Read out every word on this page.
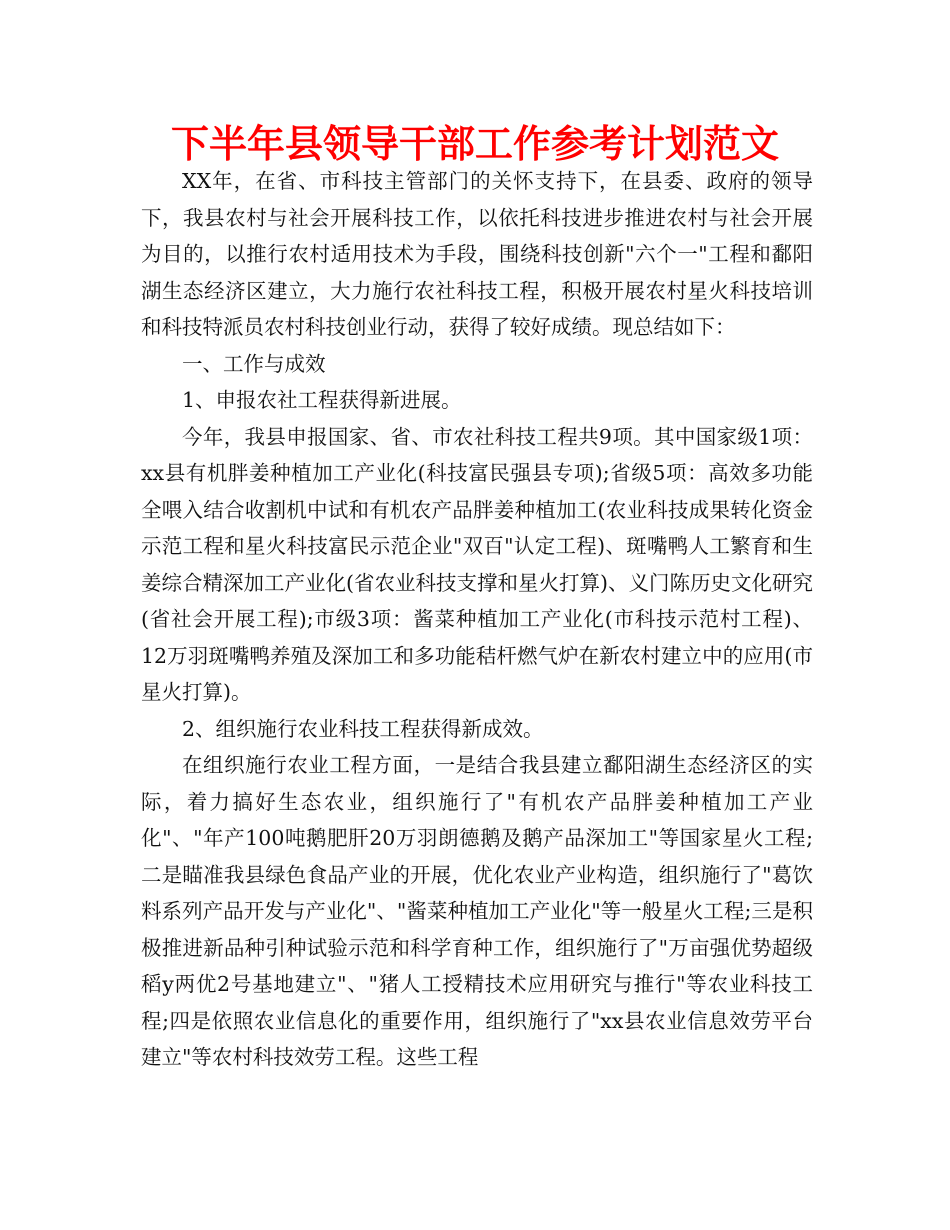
下半年县领导干部工作参考计划范文

XX年，在省、市科技主管部门的关怀支持下，在县委、政府的领导下，我县农村与社会开展科技工作，以依托科技进步推进农村与社会开展为目的，以推行农村适用技术为手段，围绕科技创新"六个一"工程和鄱阳湖生态经济区建立，大力施行农社科技工程，积极开展农村星火科技培训和科技特派员农村科技创业行动，获得了较好成绩。现总结如下：

一、工作与成效

1、申报农社工程获得新进展。

今年，我县申报国家、省、市农社科技工程共9项。其中国家级1项：xx县有机胖姜种植加工产业化(科技富民强县专项);省级5项：高效多功能全喂入结合收割机中试和有机农产品胖姜种植加工(农业科技成果转化资金示范工程和星火科技富民示范企业"双百"认定工程)、斑嘴鸭人工繁育和生姜综合精深加工产业化(省农业科技支撑和星火打算)、义门陈历史文化研究(省社会开展工程);市级3项：酱菜种植加工产业化(市科技示范村工程)、12万羽斑嘴鸭养殖及深加工和多功能秸杆燃气炉在新农村建立中的应用(市星火打算)。

2、组织施行农业科技工程获得新成效。

在组织施行农业工程方面，一是结合我县建立鄱阳湖生态经济区的实际，着力搞好生态农业，组织施行了"有机农产品胖姜种植加工产业化"、"年产100吨鹅肥肝20万羽朗德鹅及鹅产品深加工"等国家星火工程;二是瞄准我县绿色食品产业的开展，优化农业产业构造，组织施行了"葛饮料系列产品开发与产业化"、"酱菜种植加工产业化"等一般星火工程;三是积极推进新品种引种试验示范和科学育种工作，组织施行了"万亩强优势超级稻y两优2号基地建立"、"猪人工授精技术应用研究与推行"等农业科技工程;四是依照农业信息化的重要作用，组织施行了"xx县农业信息效劳平台建立"等农村科技效劳工程。这些工程
